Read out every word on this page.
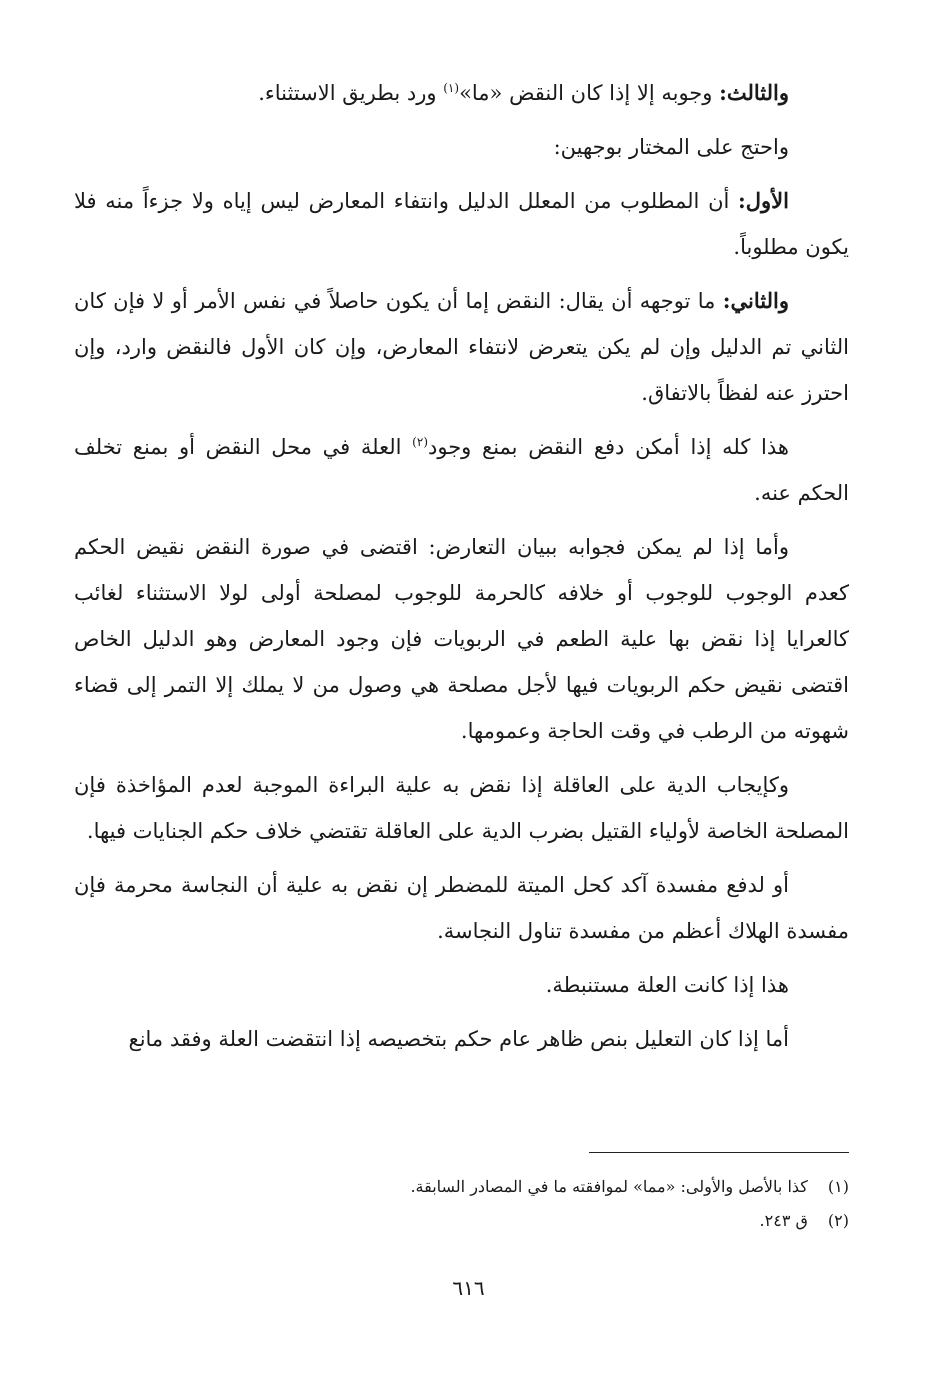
والثالث: وجوبه إلا إذا كان النقض «ما»$^{(١)}$ ورد بطريق الاستثناء.

واحتج على المختار بوجهين:

الأول: أن المطلوب من المعلل الدليل وانتفاء المعارض ليس إياه ولا جزءاً منه فلا يكون مطلوباً.

والثاني: ما توجهه أن يقال: النقض إما أن يكون حاصلاً في نفس الأمر أو لا فإن كان الثاني تم الدليل وإن لم يكن يتعرض لانتفاء المعارض، وإن كان الأول فالنقض وارد، وإن احترز عنه لفظاً بالاتفاق.

هذا كله إذا أمكن دفع النقض بمنع وجود$^{(٢)}$ العلة في محل النقض أو بمنع تخلف الحكم عنه.

وأما إذا لم يمكن فجوابه ببيان التعارض: اقتضى في صورة النقض نقيض الحكم كعدم الوجوب للوجوب أو خلافه كالحرمة للوجوب لمصلحة أولى لولا الاستثناء لغائب كالعرايا إذا نقض بها علية الطعم في الربويات فإن وجود المعارض وهو الدليل الخاص اقتضى نقيض حكم الربويات فيها لأجل مصلحة هي وصول من لا يملك إلا التمر إلى قضاء شهوته من الرطب في وقت الحاجة وعمومها.

وكإيجاب الدية على العاقلة إذا نقض به علية البراءة الموجبة لعدم المؤاخذة فإن المصلحة الخاصة لأولياء القتيل بضرب الدية على العاقلة تقتضي خلاف حكم الجنايات فيها.

أو لدفع مفسدة آكد كحل الميتة للمضطر إن نقض به علية أن النجاسة محرمة فإن مفسدة الهلاك أعظم من مفسدة تناول النجاسة.

هذا إذا كانت العلة مستنبطة.

أما إذا كان التعليل بنص ظاهر عام حكم بتخصيصه إذا انتقضت العلة وفقد مانع

(١) كذا بالأصل والأولى: «مما» لموافقته ما في المصادر السابقة.
(٢) ق ٢٤٣.
٦١٦
